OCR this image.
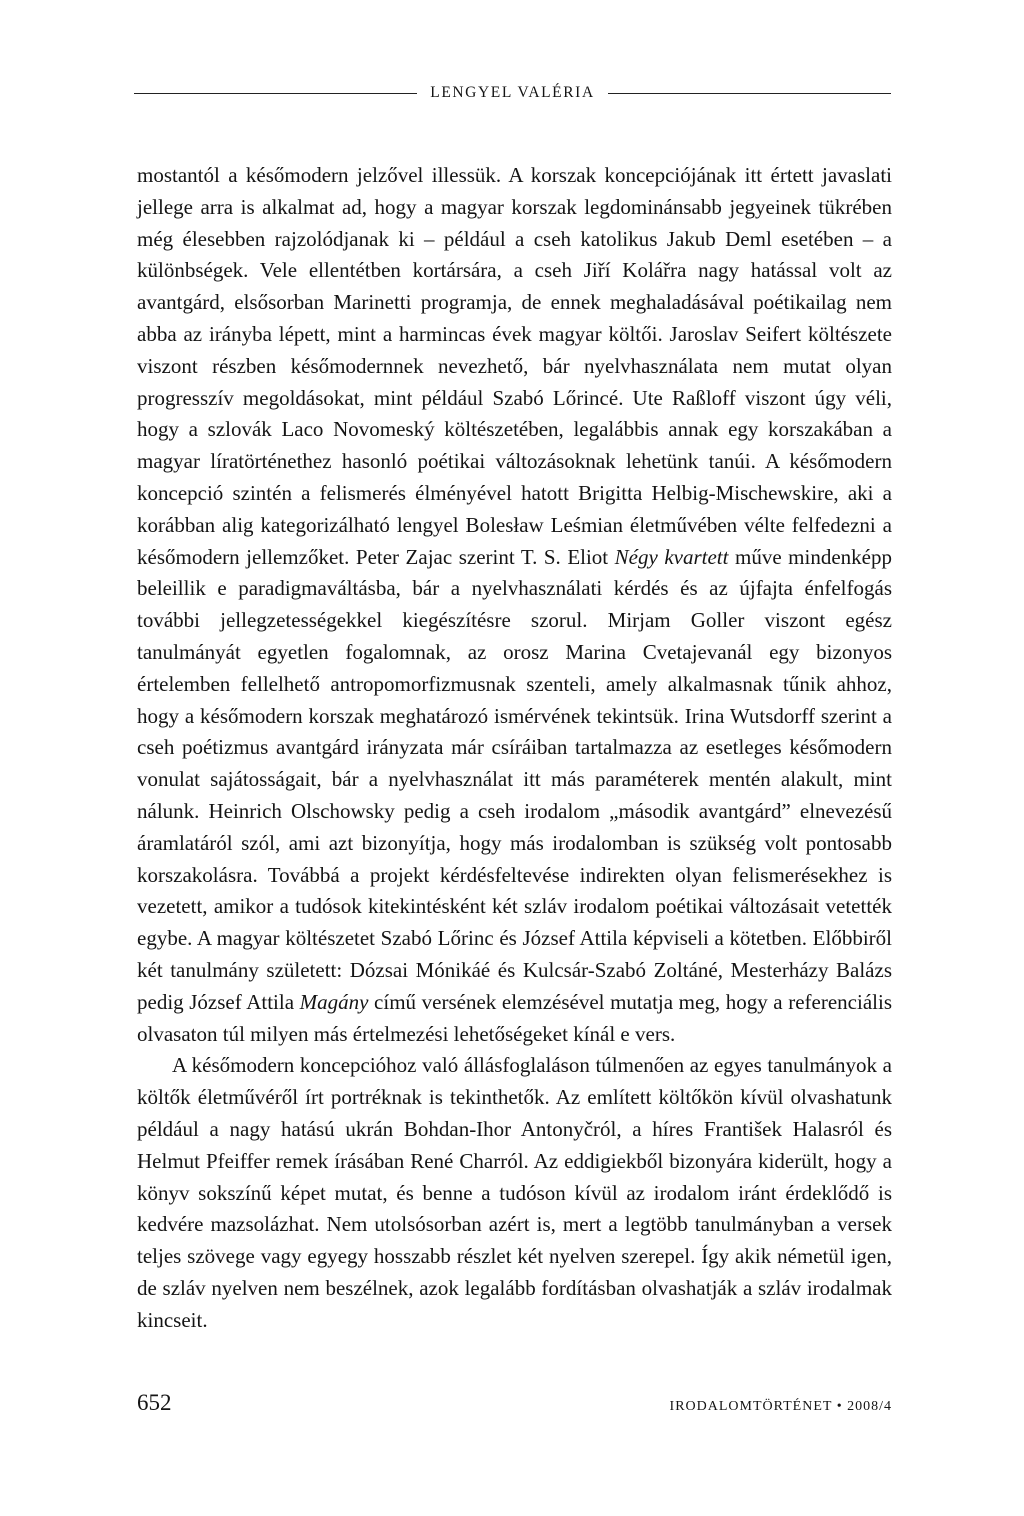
LENGYEL VALÉRIA

mostantól a későmodern jelzővel illessük. A korszak koncepciójának itt értett javaslati jellege arra is alkalmat ad, hogy a magyar korszak legdominánsabb jegyeinek tükrében még élesebben rajzolódjanak ki – például a cseh katolikus Jakub Deml esetében – a különbségek. Vele ellentétben kortársára, a cseh Jiří Kolářra nagy hatással volt az avantgárd, elsősorban Marinetti programja, de ennek meghaladásával poétikailag nem abba az irányba lépett, mint a harmincas évek magyar költői. Jaroslav Seifert költészete viszont részben későmodernnek nevezhető, bár nyelvhasználata nem mutat olyan progresszív megoldásokat, mint például Szabó Lőrincé. Ute Raßloff viszont úgy véli, hogy a szlovák Laco Novomeský költészetében, legalábbis annak egy korszakában a magyar líratörténethez hasonló poétikai változásoknak lehetünk tanúi. A későmodern koncepció szintén a felismerés élményével hatott Brigitta Helbig-Mischewskire, aki a korábban alig kategorizálható lengyel Bolesław Leśmian életművében vélte felfedezni a későmodern jellemzőket. Peter Zajac szerint T. S. Eliot Négy kvartett műve mindenképp beleillik e paradigmaváltásba, bár a nyelvhasználati kérdés és az újfajta énfelfogás további jellegzetességekkel kiegészítésre szorul. Mirjam Goller viszont egész tanulmányát egyetlen fogalomnak, az orosz Marina Cvetajevanál egy bizonyos értelemben fellelhető antropomorfizmusnak szenteli, amely alkalmasnak tűnik ahhoz, hogy a későmodern korszak meghatározó ismérvének tekintsük. Irina Wutsdorff szerint a cseh poétizmus avantgárd irányzata már csíráiban tartalmazza az esetleges későmodern vonulat sajátosságait, bár a nyelvhasználat itt más paraméterek mentén alakult, mint nálunk. Heinrich Olschowsky pedig a cseh irodalom „második avantgárd” elnevezésű áramlatáról szól, ami azt bizonyítja, hogy más irodalomban is szükség volt pontosabb korszakolásra. Továbbá a projekt kérdésfeltevése indirekten olyan felismerésekhez is vezetett, amikor a tudósok kitekintésként két szláv irodalom poétikai változásait vetették egybe. A magyar költészetet Szabó Lőrinc és József Attila képviseli a kötetben. Előbbiről két tanulmány született: Dózsai Mónikáé és Kulcsár-Szabó Zoltáné, Mesterházy Balázs pedig József Attila Magány című versének elemzésével mutatja meg, hogy a referenciális olvasaton túl milyen más értelmezési lehetőségeket kínál e vers.

A későmodern koncepcióhoz való állásfoglaláson túlmenően az egyes tanulmányok a költők életművéről írt portréknak is tekinthetők. Az említett költőkön kívül olvashatunk például a nagy hatású ukrán Bohdan-Ihor Antonyčról, a híres František Halasról és Helmut Pfeiffer remek írásában René Charról. Az eddigiekből bizonyára kiderült, hogy a könyv sokszínű képet mutat, és benne a tudóson kívül az irodalom iránt érdeklődő is kedvére mazsolázhat. Nem utolsósorban azért is, mert a legtöbb tanulmányban a versek teljes szövege vagy egyegy hosszabb részlet két nyelven szerepel. Így akik németül igen, de szláv nyelven nem beszélnek, azok legalább fordításban olvashatják a szláv irodalmak kincseit.

652	IRODALOMTÖRTÉNET • 2008/4
